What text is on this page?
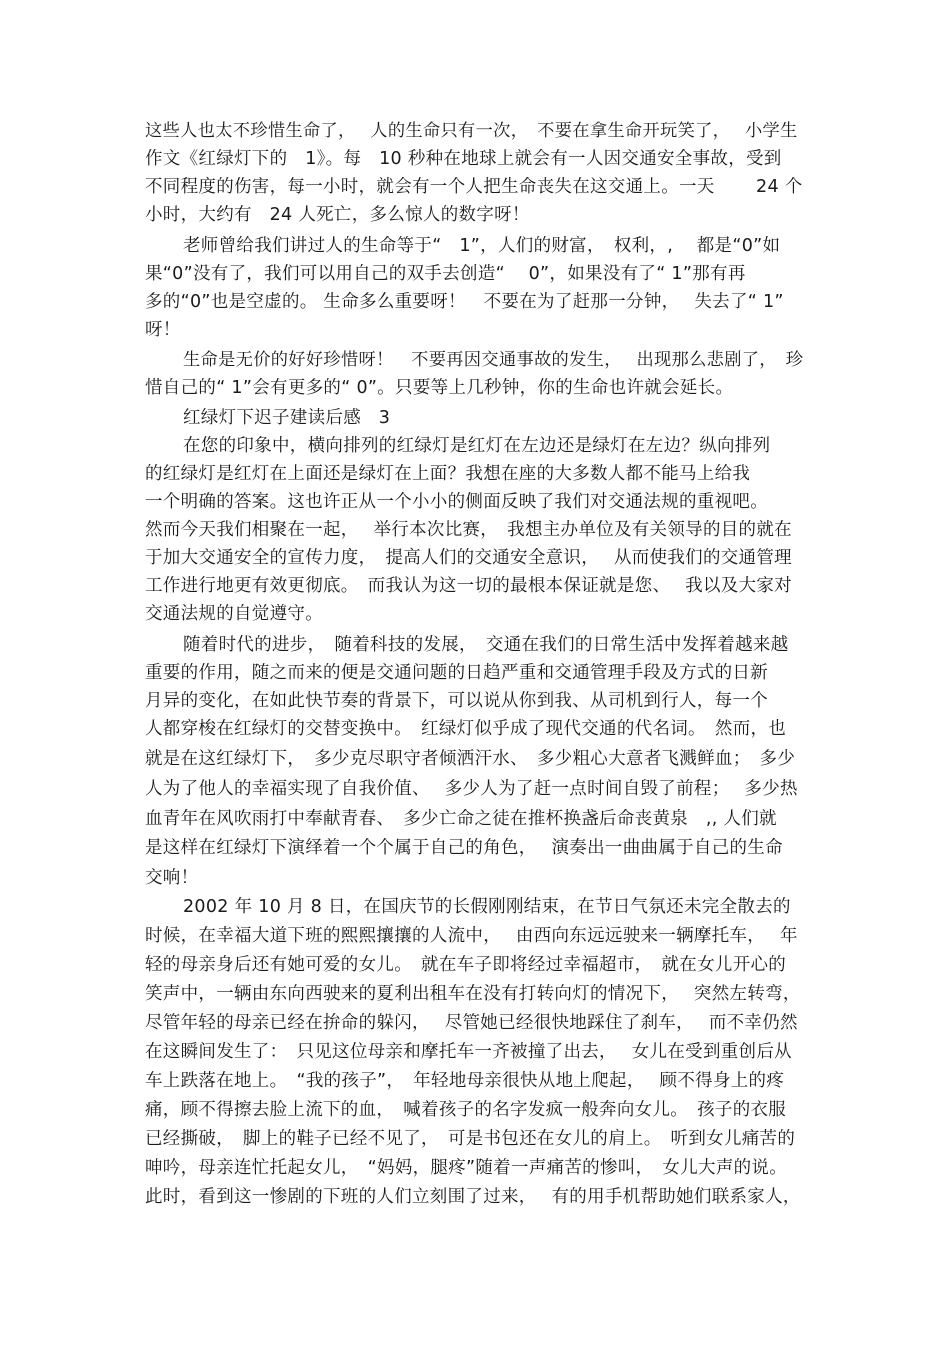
这些人也太不珍惜生命了，　 人的生命只有一次，　不要在拿生命开玩笑了，　 小学生

作文《红绿灯下的　1》。每　10 秒种在地球上就会有一人因交通安全事故，受到

不同程度的伤害，每一小时，就会有一个人把生命丧失在这交通上。一天　　 24 个

小时，大约有　24 人死亡，多么惊人的数字呀！

老师曾给我们讲过人的生命等于“　1”，人们的财富，　权利，,　 都是“0”如

果“0”没有了，我们可以用自己的双手去创造“　 0”，如果没有了“ 1”那有再

多的“0”也是空虚的。 生命多么重要呀！　不要在为了赶那一分钟，　 失去了“ 1”

呀！

生命是无价的好好珍惜呀！　不要再因交通事故的发生，　 出现那么悲剧了，　珍

惜自己的“ 1”会有更多的“ 0”。只要等上几秒钟，你的生命也许就会延长。

红绿灯下迟子建读后感　3

在您的印象中，横向排列的红绿灯是红灯在左边还是绿灯在左边？纵向排列

的红绿灯是红灯在上面还是绿灯在上面？我想在座的大多数人都不能马上给我

一个明确的答案。这也许正从一个小小的侧面反映了我们对交通法规的重视吧。

然而今天我们相聚在一起，　 举行本次比赛，　我想主办单位及有关领导的目的就在

于加大交通安全的宣传力度，　提高人们的交通安全意识，　 从而使我们的交通管理

工作进行地更有效更彻底。　而我认为这一切的最根本保证就是您、　 我以及大家对

交通法规的自觉遵守。

随着时代的进步，　随着科技的发展，　交通在我们的日常生活中发挥着越来越

重要的作用，随之而来的便是交通问题的日趋严重和交通管理手段及方式的日新

月异的变化，在如此快节奏的背景下，可以说从你到我、从司机到行人，每一个

人都穿梭在红绿灯的交替变换中。　红绿灯似乎成了现代交通的代名词。　然而，也

就是在这红绿灯下，　多少克尽职守者倾洒汗水、　多少粗心大意者飞溅鲜血；　多少

人为了他人的幸福实现了自我价值、　 多少人为了赶一点时间自毁了前程；　 多少热

血青年在风吹雨打中奉献青春、　多少亡命之徒在推杯换盏后命丧黄泉　,, 人们就

是这样在红绿灯下演绎着一个个属于自己的角色，　 演奏出一曲曲属于自己的生命

交响！

2002 年 10 月 8 日，在国庆节的长假刚刚结束，在节日气氛还未完全散去的

时候，在幸福大道下班的熙熙攘攘的人流中，　 由西向东远远驶来一辆摩托车，　 年

轻的母亲身后还有她可爱的女儿。　就在车子即将经过幸福超市，　就在女儿开心的

笑声中，一辆由东向西驶来的夏利出租车在没有打转向灯的情况下，　 突然左转弯，

尽管年轻的母亲已经在拚命的躲闪，　 尽管她已经很快地踩住了刹车，　 而不幸仍然

在这瞬间发生了：　只见这位母亲和摩托车一齐被撞了出去，　 女儿在受到重创后从

车上跌落在地上。　“我的孩子”，　年轻地母亲很快从地上爬起，　 顾不得身上的疼

痛，顾不得擦去脸上流下的血，　喊着孩子的名字发疯一般奔向女儿。　孩子的衣服

已经撕破，　脚上的鞋子已经不见了，　可是书包还在女儿的肩上。　听到女儿痛苦的

呻吟，母亲连忙托起女儿，　“妈妈，腿疼”随着一声痛苦的惨叫，　女儿大声的说。

此时，看到这一惨剧的下班的人们立刻围了过来，　 有的用手机帮助她们联系家人，
